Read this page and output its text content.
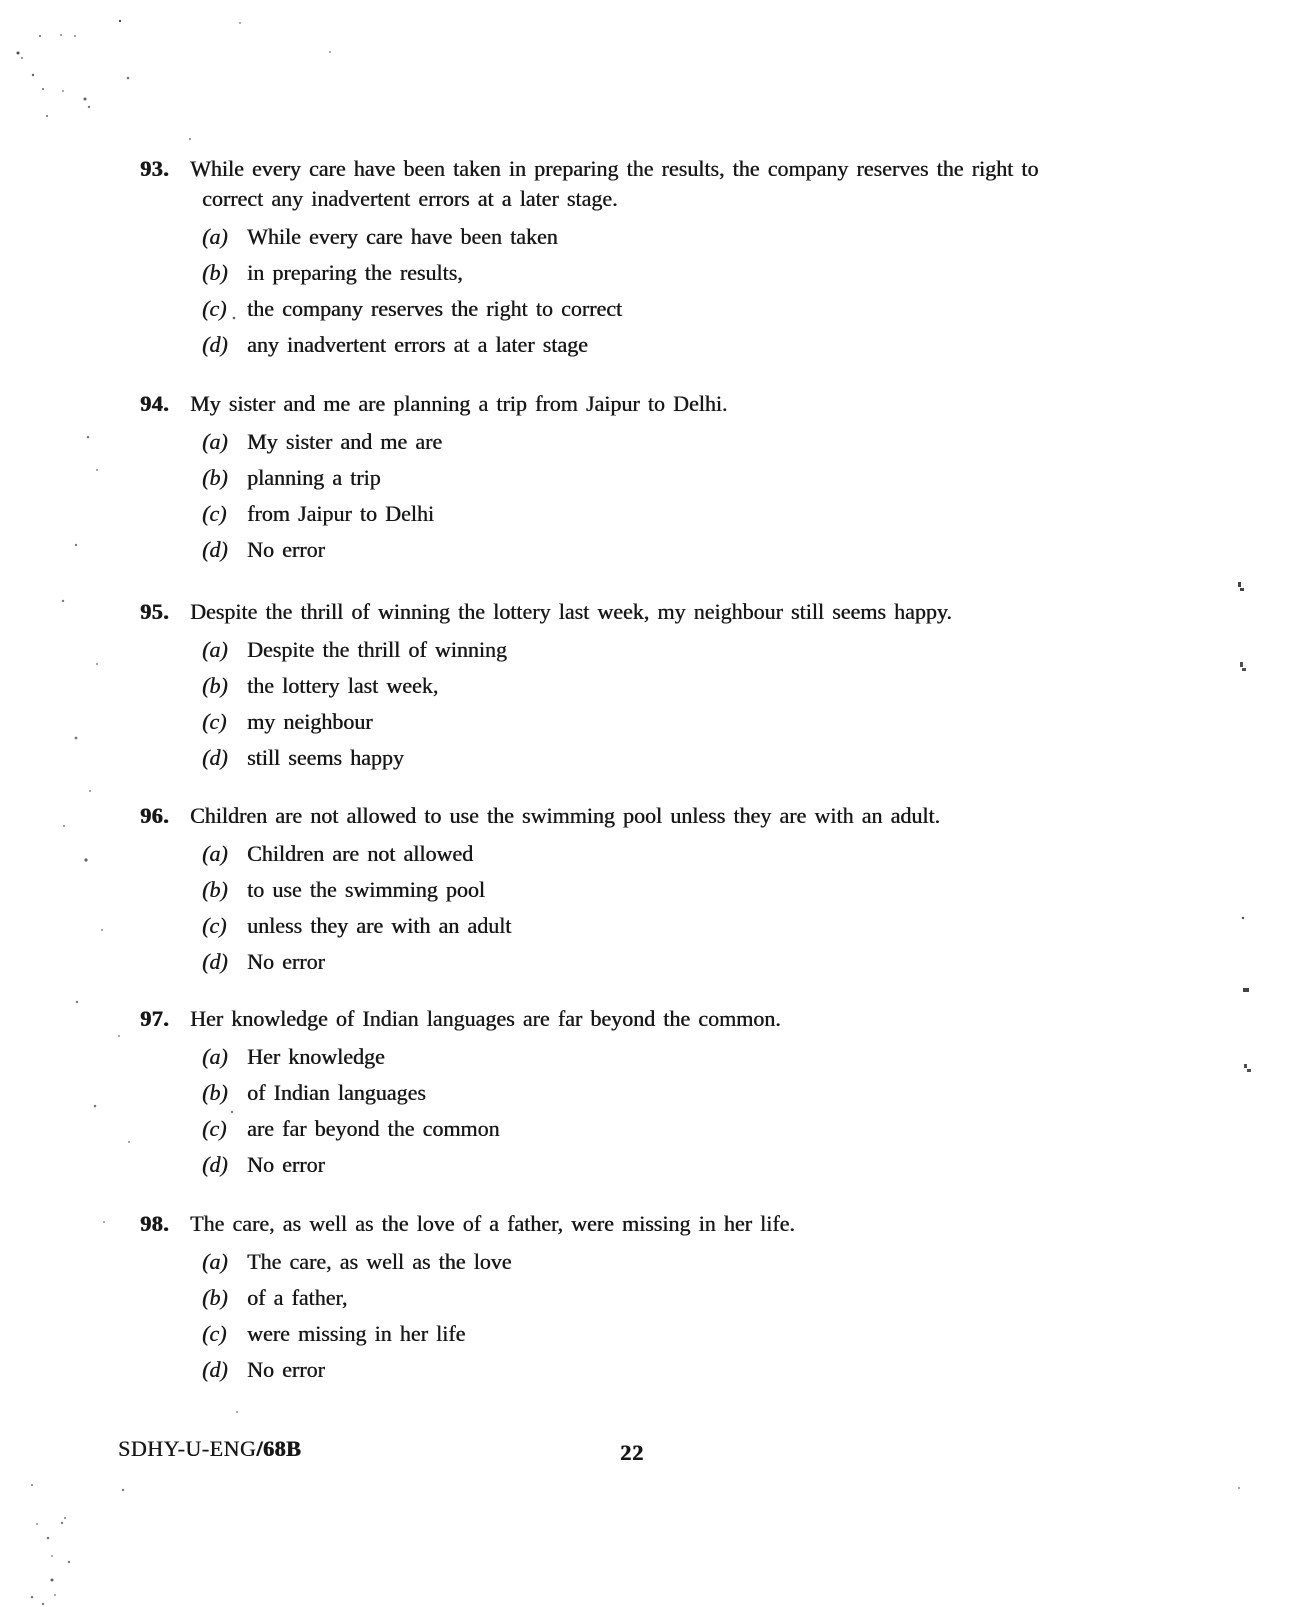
93. While every care have been taken in preparing the results, the company reserves the right to
correct any inadvertent errors at a later stage.
(a) While every care have been taken
(b) in preparing the results,
(c) the company reserves the right to correct
(d) any inadvertent errors at a later stage
94. My sister and me are planning a trip from Jaipur to Delhi.
(a) My sister and me are
(b) planning a trip
(c) from Jaipur to Delhi
(d) No error
95. Despite the thrill of winning the lottery last week, my neighbour still seems happy.
(a) Despite the thrill of winning
(b) the lottery last week,
(c) my neighbour
(d) still seems happy
96. Children are not allowed to use the swimming pool unless they are with an adult.
(a) Children are not allowed
(b) to use the swimming pool
(c) unless they are with an adult
(d) No error
97. Her knowledge of Indian languages are far beyond the common.
(a) Her knowledge
(b) of Indian languages
(c) are far beyond the common
(d) No error
98. The care, as well as the love of a father, were missing in her life.
(a) The care, as well as the love
(b) of a father,
(c) were missing in her life
(d) No error
SDHY-U-ENG/68B	22
